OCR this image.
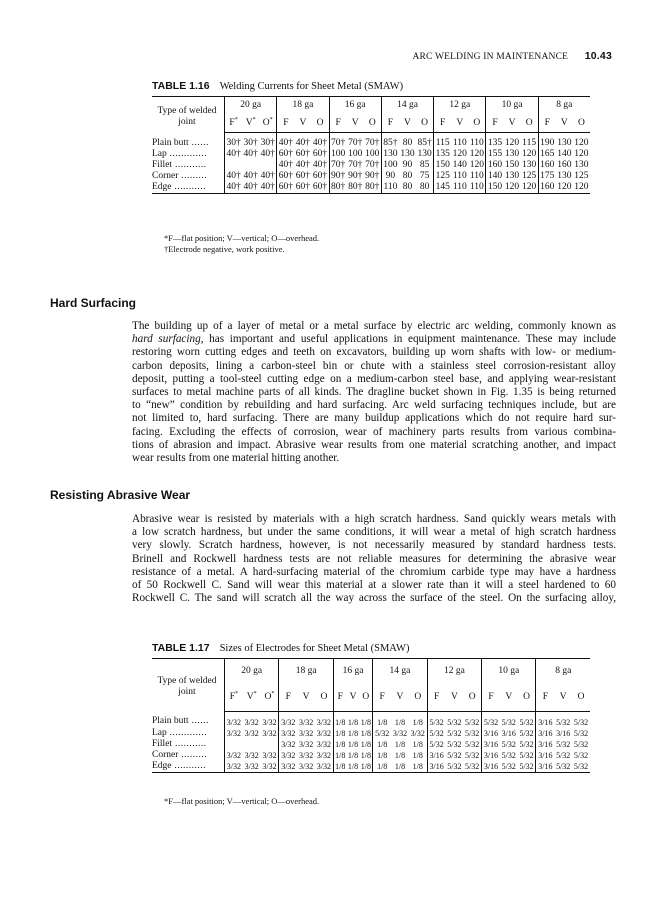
ARC WELDING IN MAINTENANCE 10.43
TABLE 1.16 Welding Currents for Sheet Metal (SMAW)
Type of welded
joint	20 ga			18 ga			16 ga			14 ga			12 ga			10 ga			8 ga		
	F*	V*	O*	F	V	O	F	V	O	F	V	O	F	V	O	F	V	O	F	V	O
Plain butt ......	30†	30†	30†	40†	40†	40†	70†	70†	70†	85†	80	85†	115	110	110	135	120	115	190	130	120
Lap .............	40†	40†	40†	60†	60†	60†	100	100	100	130	130	130	135	120	120	155	130	120	165	140	120
Fillet ...........				40†	40†	40†	70†	70†	70†	100	90	85	150	140	120	160	150	130	160	160	130
Corner .........	40†	40†	40†	60†	60†	60†	90†	90†	90†	90	80	75	125	110	110	140	130	125	175	130	125
Edge ...........	40†	40†	40†	60†	60†	60†	80†	80†	80†	110	80	80	145	110	110	150	120	120	160	120	120
*F—flat position; V—vertical; O—overhead.
†Electrode negative, work positive.
Hard Surfacing

The building up of a layer of metal or a metal surface by electric arc welding, commonly known as
hard surfacing, has important and useful applications in equipment maintenance. These may include
restoring worn cutting edges and teeth on excavators, building up worn shafts with low- or medium-
carbon deposits, lining a carbon-steel bin or chute with a stainless steel corrosion-resistant alloy
deposit, putting a tool-steel cutting edge on a medium-carbon steel base, and applying wear-resistant
surfaces to metal machine parts of all kinds. The dragline bucket shown in Fig. 1.35 is being returned
to “new” condition by rebuilding and hard surfacing. Arc weld surfacing techniques include, but are
not limited to, hard surfacing. There are many buildup applications which do not require hard sur-
facing. Excluding the effects of corrosion, wear of machinery parts results from various combina-
tions of abrasion and impact. Abrasive wear results from one material scratching another, and impact
wear results from one material hitting another.

Resisting Abrasive Wear

Abrasive wear is resisted by materials with a high scratch hardness. Sand quickly wears metals with
a low scratch hardness, but under the same conditions, it will wear a metal of high scratch hardness
very slowly. Scratch hardness, however, is not necessarily measured by standard hardness tests.
Brinell and Rockwell hardness tests are not reliable measures for determining the abrasive wear
resistance of a metal. A hard-surfacing material of the chromium carbide type may have a hardness
of 50 Rockwell C. Sand will wear this material at a slower rate than it will a steel hardened to 60
Rockwell C. The sand will scratch all the way across the surface of the steel. On the surfacing alloy,

TABLE 1.17 Sizes of Electrodes for Sheet Metal (SMAW)
Type of welded
joint	20 ga			18 ga			16 ga			14 ga			12 ga			10 ga			8 ga		
	F*	V*	O*	F	V	O	F	V	O	F	V	O	F	V	O	F	V	O	F	V	O
Plain butt ......	3/32	3/32	3/32	3/32	3/32	3/32	1/8	1/8	1/8	1/8	1/8	1/8	5/32	5/32	5/32	5/32	5/32	5/32	3/16	5/32	5/32
Lap .............	3/32	3/32	3/32	3/32	3/32	3/32	1/8	1/8	1/8	5/32	3/32	3/32	5/32	5/32	5/32	3/16	3/16	5/32	3/16	3/16	5/32
Fillet ...........				3/32	3/32	3/32	1/8	1/8	1/8	1/8	1/8	1/8	5/32	5/32	5/32	3/16	5/32	5/32	3/16	5/32	5/32
Corner .........	3/32	3/32	3/32	3/32	3/32	3/32	1/8	1/8	1/8	1/8	1/8	1/8	3/16	5/32	5/32	3/16	5/32	5/32	3/16	5/32	5/32
Edge ...........	3/32	3/32	3/32	3/32	3/32	3/32	1/8	1/8	1/8	1/8	1/8	1/8	3/16	5/32	5/32	3/16	5/32	5/32	3/16	5/32	5/32
*F—flat position; V—vertical; O—overhead.
